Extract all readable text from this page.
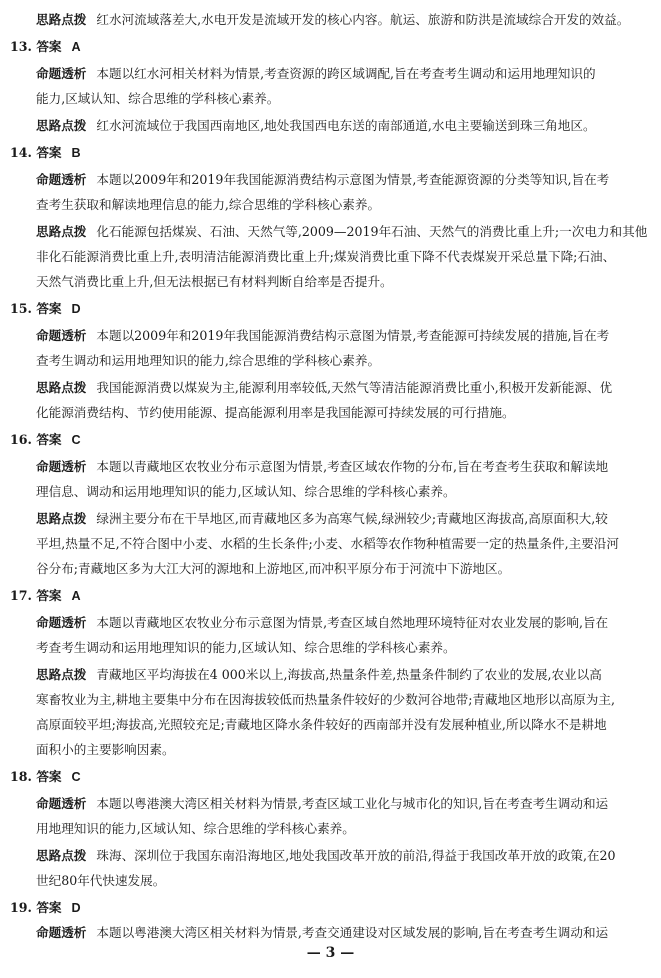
思路点拨 红水河流域落差大,水电开发是流域开发的核心内容。航运、旅游和防洪是流域综合开发的效益。
13. 答案 A
命题透析 本题以红水河相关材料为情景,考查资源的跨区域调配,旨在考查考生调动和运用地理知识的
能力,区域认知、综合思维的学科核心素养。
思路点拨 红水河流域位于我国西南地区,地处我国西电东送的南部通道,水电主要输送到珠三角地区。
14. 答案 B
命题透析 本题以2009年和2019年我国能源消费结构示意图为情景,考查能源资源的分类等知识,旨在考
查考生获取和解读地理信息的能力,综合思维的学科核心素养。
思路点拨 化石能源包括煤炭、石油、天然气等,2009—2019年石油、天然气的消费比重上升;一次电力和其他
非化石能源消费比重上升,表明清洁能源消费比重上升;煤炭消费比重下降不代表煤炭开采总量下降;石油、
天然气消费比重上升,但无法根据已有材料判断自给率是否提升。
15. 答案 D
命题透析 本题以2009年和2019年我国能源消费结构示意图为情景,考查能源可持续发展的措施,旨在考
查考生调动和运用地理知识的能力,综合思维的学科核心素养。
思路点拨 我国能源消费以煤炭为主,能源利用率较低,天然气等清洁能源消费比重小,积极开发新能源、优
化能源消费结构、节约使用能源、提高能源利用率是我国能源可持续发展的可行措施。
16. 答案 C
命题透析 本题以青藏地区农牧业分布示意图为情景,考查区域农作物的分布,旨在考查考生获取和解读地
理信息、调动和运用地理知识的能力,区域认知、综合思维的学科核心素养。
思路点拨 绿洲主要分布在干旱地区,而青藏地区多为高寒气候,绿洲较少;青藏地区海拔高,高原面积大,较
平坦,热量不足,不符合图中小麦、水稻的生长条件;小麦、水稻等农作物种植需要一定的热量条件,主要沿河
谷分布;青藏地区多为大江大河的源地和上游地区,而冲积平原分布于河流中下游地区。
17. 答案 A
命题透析 本题以青藏地区农牧业分布示意图为情景,考查区域自然地理环境特征对农业发展的影响,旨在
考查考生调动和运用地理知识的能力,区域认知、综合思维的学科核心素养。
思路点拨 青藏地区平均海拔在4 000米以上,海拔高,热量条件差,热量条件制约了农业的发展,农业以高
寒畜牧业为主,耕地主要集中分布在因海拔较低而热量条件较好的少数河谷地带;青藏地区地形以高原为主,
高原面较平坦;海拔高,光照较充足;青藏地区降水条件较好的西南部并没有发展种植业,所以降水不是耕地
面积小的主要影响因素。
18. 答案 C
命题透析 本题以粤港澳大湾区相关材料为情景,考查区域工业化与城市化的知识,旨在考查考生调动和运
用地理知识的能力,区域认知、综合思维的学科核心素养。
思路点拨 珠海、深圳位于我国东南沿海地区,地处我国改革开放的前沿,得益于我国改革开放的政策,在20
世纪80年代快速发展。
19. 答案 D
命题透析 本题以粤港澳大湾区相关材料为情景,考查交通建设对区域发展的影响,旨在考查考生调动和运
— 3 —
